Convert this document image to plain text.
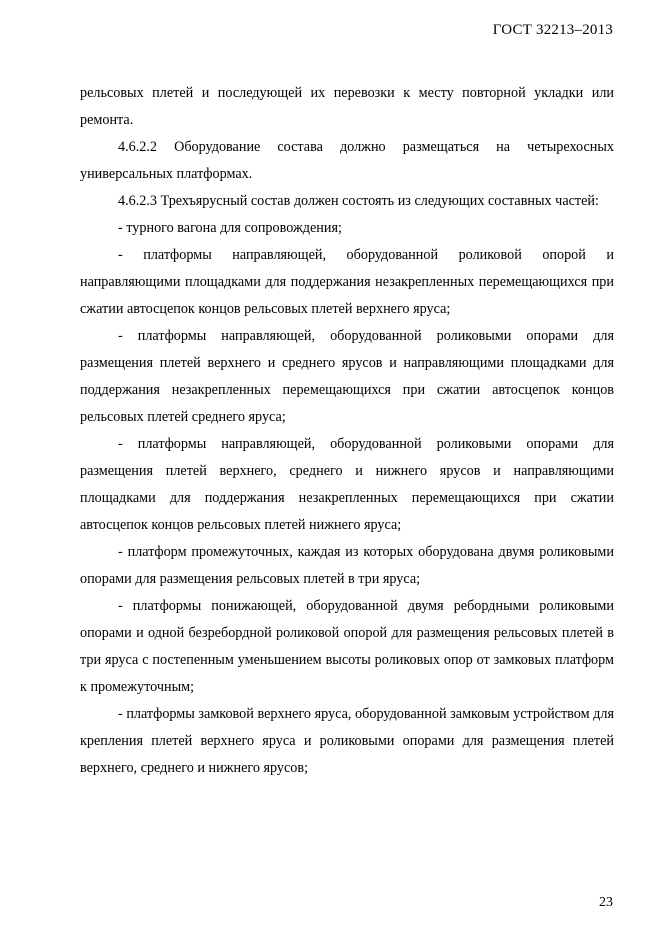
ГОСТ 32213–2013

рельсовых плетей и последующей их перевозки к месту повторной укладки или ремонта.

4.6.2.2 Оборудование состава должно размещаться на четырехосных универсальных платформах.

4.6.2.3 Трехъярусный состав должен состоять из следующих составных частей:

- турного вагона для сопровождения;

- платформы направляющей, оборудованной роликовой опорой и направляющими площадками для поддержания незакрепленных перемещающихся при сжатии автосцепок концов рельсовых плетей верхнего яруса;

- платформы направляющей, оборудованной роликовыми опорами для размещения плетей верхнего и среднего ярусов и направляющими площадками для поддержания незакрепленных перемещающихся при сжатии автосцепок концов рельсовых плетей среднего яруса;

- платформы направляющей, оборудованной роликовыми опорами для размещения плетей верхнего, среднего и нижнего ярусов и направляющими площадками для поддержания незакрепленных перемещающихся при сжатии автосцепок концов рельсовых плетей нижнего яруса;

- платформ промежуточных, каждая из которых оборудована двумя роликовыми опорами для размещения рельсовых плетей в три яруса;

- платформы понижающей, оборудованной двумя ребордными роликовыми опорами и одной безребордной роликовой опорой для размещения рельсовых плетей в три яруса с постепенным уменьшением высоты роликовых опор от замковых платформ к промежуточным;

- платформы замковой верхнего яруса, оборудованной замковым устройством для крепления плетей верхнего яруса и роликовыми опорами для размещения плетей верхнего, среднего и нижнего ярусов;

23
